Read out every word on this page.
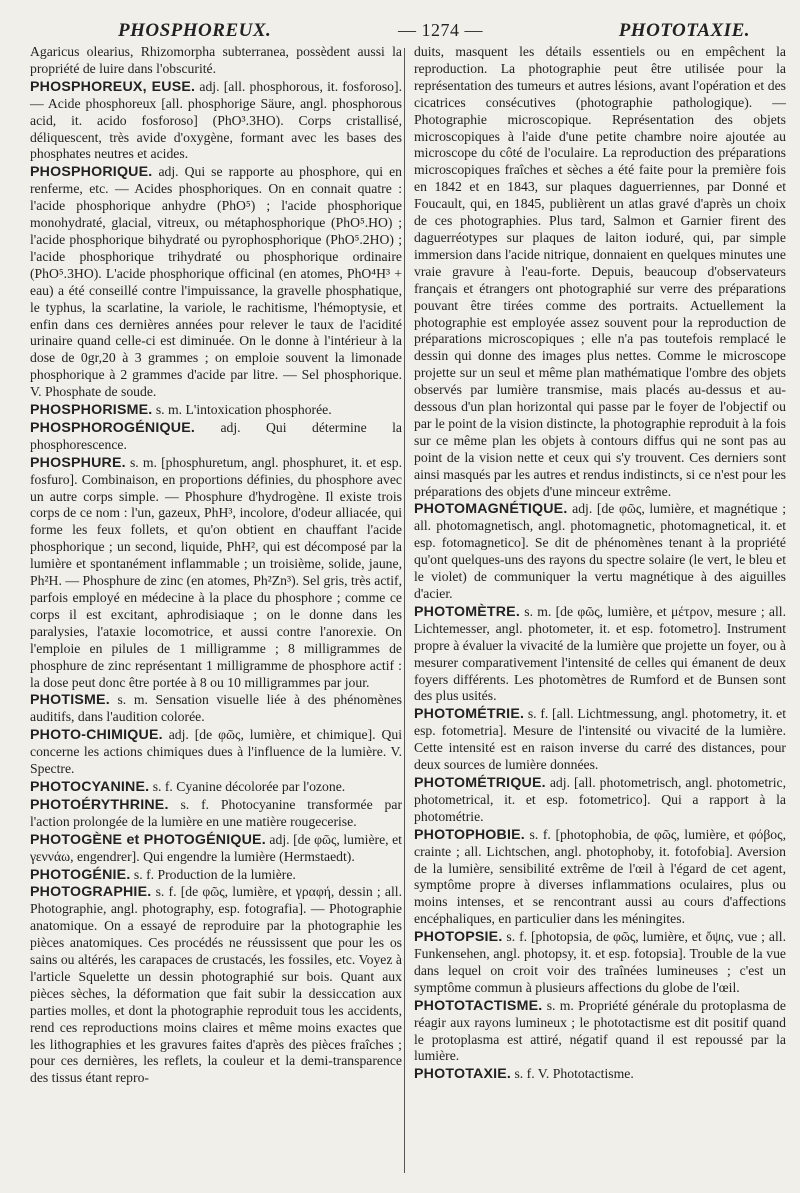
PHOSPHOREUX.	— 1274 —	PHOTOTAXIE.

Agaricus olearius, Rhizomorpha subterranea, possèdent aussi la propriété de luire dans l'obscurité.

PHOSPHOREUX, EUSE. adj. [all. phosphorous, it. fosforoso]. — Acide phosphoreux [all. phosphorige Säure, angl. phosphorous acid, it. acido fosforoso] (PhO³.3HO). Corps cristallisé, déliquescent, très avide d'oxygène, formant avec les bases des phosphates neutres et acides.

PHOSPHORIQUE. adj. Qui se rapporte au phosphore, qui en renferme, etc. — Acides phosphoriques. On en connait quatre : l'acide phosphorique anhydre (PhO⁵) ; l'acide phosphorique monohydraté, glacial, vitreux, ou métaphosphorique (PhO⁵.HO) ; l'acide phosphorique bihydraté ou pyrophosphorique (PhO⁵.2HO) ; l'acide phosphorique trihydraté ou phosphorique ordinaire (PhO⁵.3HO). L'acide phosphorique officinal (en atomes, PhO⁴H³ + eau) a été conseillé contre l'impuissance, la gravelle phosphatique, le typhus, la scarlatine, la variole, le rachitisme, l'hémoptysie, et enfin dans ces dernières années pour relever le taux de l'acidité urinaire quand celle-ci est diminuée. On le donne à l'intérieur à la dose de 0gr,20 à 3 grammes ; on emploie souvent la limonade phosphorique à 2 grammes d'acide par litre. — Sel phosphorique. V. Phosphate de soude.

PHOSPHORISME. s. m. L'intoxication phosphorée.

PHOSPHOROGÉNIQUE. adj. Qui détermine la phosphorescence.

PHOSPHURE. s. m. [phosphuretum, angl. phosphuret, it. et esp. fosfuro]. Combinaison, en proportions définies, du phosphore avec un autre corps simple. — Phosphure d'hydrogène. Il existe trois corps de ce nom : l'un, gazeux, PhH³, incolore, d'odeur alliacée, qui forme les feux follets, et qu'on obtient en chauffant l'acide phosphorique ; un second, liquide, PhH², qui est décomposé par la lumière et spontanément inflammable ; un troisième, solide, jaune, Ph²H. — Phosphure de zinc (en atomes, Ph²Zn³). Sel gris, très actif, parfois employé en médecine à la place du phosphore ; comme ce corps il est excitant, aphrodisiaque ; on le donne dans les paralysies, l'ataxie locomotrice, et aussi contre l'anorexie. On l'emploie en pilules de 1 milligramme ; 8 milligrammes de phosphure de zinc représentant 1 milligramme de phosphore actif : la dose peut donc être portée à 8 ou 10 milligrammes par jour.

PHOTISME. s. m. Sensation visuelle liée à des phénomènes auditifs, dans l'audition colorée.

PHOTO-CHIMIQUE. adj. [de φῶς, lumière, et chimique]. Qui concerne les actions chimiques dues à l'influence de la lumière. V. Spectre.

PHOTOCYANINE. s. f. Cyanine décolorée par l'ozone.

PHOTOÉRYTHRINE. s. f. Photocyanine transformée par l'action prolongée de la lumière en une matière rougecerise.

PHOTOGÈNE et PHOTOGÉNIQUE. adj. [de φῶς, lumière, et γεννάω, engendrer]. Qui engendre la lumière (Hermstaedt).

PHOTOGÉNIE. s. f. Production de la lumière.

PHOTOGRAPHIE. s. f. [de φῶς, lumière, et γραφή, dessin ; all. Photographie, angl. photography, esp. fotografia]. — Photographie anatomique. On a essayé de reproduire par la photographie les pièces anatomiques. Ces procédés ne réussissent que pour les os sains ou altérés, les carapaces de crustacés, les fossiles, etc. Voyez à l'article Squelette un dessin photographié sur bois. Quant aux pièces sèches, la déformation que fait subir la dessiccation aux parties molles, et dont la photographie reproduit tous les accidents, rend ces reproductions moins claires et même moins exactes que les lithographies et les gravures faites d'après des pièces fraîches ; pour ces dernières, les reflets, la couleur et la demi-transparence des tissus étant repro-

duits, masquent les détails essentiels ou en empêchent la reproduction. La photographie peut être utilisée pour la représentation des tumeurs et autres lésions, avant l'opération et des cicatrices consécutives (photographie pathologique). — Photographie microscopique. Représentation des objets microscopiques à l'aide d'une petite chambre noire ajoutée au microscope du côté de l'oculaire. La reproduction des préparations microscopiques fraîches et sèches a été faite pour la première fois en 1842 et en 1843, sur plaques daguerriennes, par Donné et Foucault, qui, en 1845, publièrent un atlas gravé d'après un choix de ces photographies. Plus tard, Salmon et Garnier firent des daguerréotypes sur plaques de laiton ioduré, qui, par simple immersion dans l'acide nitrique, donnaient en quelques minutes une vraie gravure à l'eau-forte. Depuis, beaucoup d'observateurs français et étrangers ont photographié sur verre des préparations pouvant être tirées comme des portraits. Actuellement la photographie est employée assez souvent pour la reproduction de préparations microscopiques ; elle n'a pas toutefois remplacé le dessin qui donne des images plus nettes. Comme le microscope projette sur un seul et même plan mathématique l'ombre des objets observés par lumière transmise, mais placés au-dessus et au-dessous d'un plan horizontal qui passe par le foyer de l'objectif ou par le point de la vision distincte, la photographie reproduit à la fois sur ce même plan les objets à contours diffus qui ne sont pas au point de la vision nette et ceux qui s'y trouvent. Ces derniers sont ainsi masqués par les autres et rendus indistincts, si ce n'est pour les préparations des objets d'une minceur extrême.

PHOTOMAGNÉTIQUE. adj. [de φῶς, lumière, et magnétique ; all. photomagnetisch, angl. photomagnetic, photomagnetical, it. et esp. fotomagnetico]. Se dit de phénomènes tenant à la propriété qu'ont quelques-uns des rayons du spectre solaire (le vert, le bleu et le violet) de communiquer la vertu magnétique à des aiguilles d'acier.

PHOTOMÈTRE. s. m. [de φῶς, lumière, et μέτρον, mesure ; all. Lichtemesser, angl. photometer, it. et esp. fotometro]. Instrument propre à évaluer la vivacité de la lumière que projette un foyer, ou à mesurer comparativement l'intensité de celles qui émanent de deux foyers différents. Les photomètres de Rumford et de Bunsen sont des plus usités.

PHOTOMÉTRIE. s. f. [all. Lichtmessung, angl. photometry, it. et esp. fotometria]. Mesure de l'intensité ou vivacité de la lumière. Cette intensité est en raison inverse du carré des distances, pour deux sources de lumière données.

PHOTOMÉTRIQUE. adj. [all. photometrisch, angl. photometric, photometrical, it. et esp. fotometrico]. Qui a rapport à la photométrie.

PHOTOPHOBIE. s. f. [photophobia, de φῶς, lumière, et φόβος, crainte ; all. Lichtschen, angl. photophoby, it. fotofobia]. Aversion de la lumière, sensibilité extrême de l'œil à l'égard de cet agent, symptôme propre à diverses inflammations oculaires, plus ou moins intenses, et se rencontrant aussi au cours d'affections encéphaliques, en particulier dans les méningites.

PHOTOPSIE. s. f. [photopsia, de φῶς, lumière, et ὄψις, vue ; all. Funkensehen, angl. photopsy, it. et esp. fotopsia]. Trouble de la vue dans lequel on croit voir des traînées lumineuses ; c'est un symptôme commun à plusieurs affections du globe de l'œil.

PHOTOTACTISME. s. m. Propriété générale du protoplasma de réagir aux rayons lumineux ; le phototactisme est dit positif quand le protoplasma est attiré, négatif quand il est repoussé par la lumière.

PHOTOTAXIE. s. f. V. Phototactisme.
